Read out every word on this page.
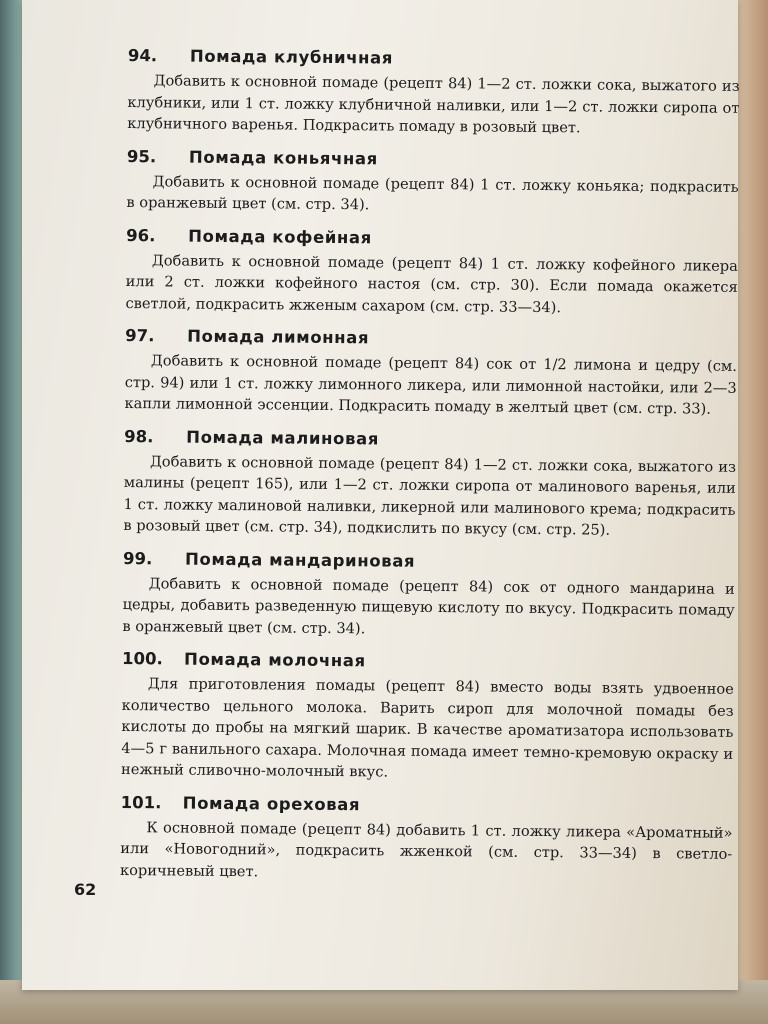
94.	Помада клубничная

Добавить к основной помаде (рецепт 84) 1—2 ст. ложки сока, выжатого из клубники, или 1 ст. ложку клубничной наливки, или 1—2 ст. ложки сиропа от клубничного варенья. Подкрасить помаду в розовый цвет.

95.	Помада коньячная

Добавить к основной помаде (рецепт 84) 1 ст. ложку коньяка; подкрасить в оранжевый цвет (см. стр. 34).

96.	Помада кофейная

Добавить к основной помаде (рецепт 84) 1 ст. ложку кофейного ликера или 2 ст. ложки кофейного настоя (см. стр. 30). Если помада окажется светлой, подкрасить жженым сахаром (см. стр. 33—34).

97.	Помада лимонная

Добавить к основной помаде (рецепт 84) сок от 1/2 лимона и цедру (см. стр. 94) или 1 ст. ложку лимонного ликера, или лимонной настойки, или 2—3 капли лимонной эссенции. Подкрасить помаду в желтый цвет (см. стр. 33).

98.	Помада малиновая

Добавить к основной помаде (рецепт 84) 1—2 ст. ложки сока, выжатого из малины (рецепт 165), или 1—2 ст. ложки сиропа от малинового варенья, или 1 ст. ложку малиновой наливки, ликерной или малинового крема; подкрасить в розовый цвет (см. стр. 34), подкислить по вкусу (см. стр. 25).

99.	Помада мандариновая

Добавить к основной помаде (рецепт 84) сок от одного мандарина и цедры, добавить разведенную пищевую кислоту по вкусу. Подкрасить помаду в оранжевый цвет (см. стр. 34).

100.	Помада молочная

Для приготовления помады (рецепт 84) вместо воды взять удвоенное количество цельного молока. Варить сироп для молочной помады без кислоты до пробы на мягкий шарик. В качестве ароматизатора использовать 4—5 г ванильного сахара. Молочная помада имеет темно-кремовую окраску и нежный сливочно-молочный вкус.

101.	Помада ореховая

К основной помаде (рецепт 84) добавить 1 ст. ложку ликера «Ароматный» или «Новогодний», подкрасить жженкой (см. стр. 33—34) в светло-коричневый цвет.

62
